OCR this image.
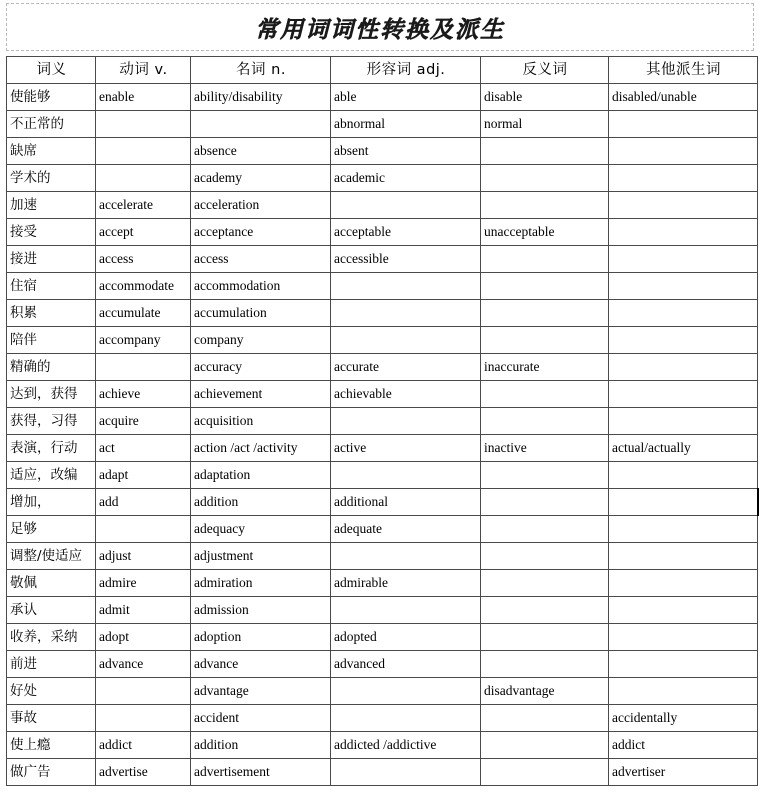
常用词词性转换及派生
词义	动词 v.	名词 n.	形容词 adj.	反义词	其他派生词
使能够	enable	ability/disability	able	disable	disabled/unable
不正常的			abnormal	normal	
缺席		absence	absent		
学术的		academy	academic		
加速	accelerate	acceleration			
接受	accept	acceptance	acceptable	unacceptable	
接进	access	access	accessible		
住宿	accommodate	accommodation			
积累	accumulate	accumulation			
陪伴	accompany	company			
精确的		accuracy	accurate	inaccurate	
达到，获得	achieve	achievement	achievable		
获得，习得	acquire	acquisition			
表演，行动	act	action /act /activity	active	inactive	actual/actually
适应，改编	adapt	adaptation			
增加，	add	addition	additional		
足够		adequacy	adequate		
调整/使适应	adjust	adjustment			
敬佩	admire	admiration	admirable		
承认	admit	admission			
收养，采纳	adopt	adoption	adopted		
前进	advance	advance	advanced		
好处		advantage		disadvantage	
事故		accident			accidentally
使上瘾	addict	addition	addicted /addictive		addict
做广告	advertise	advertisement			advertiser
